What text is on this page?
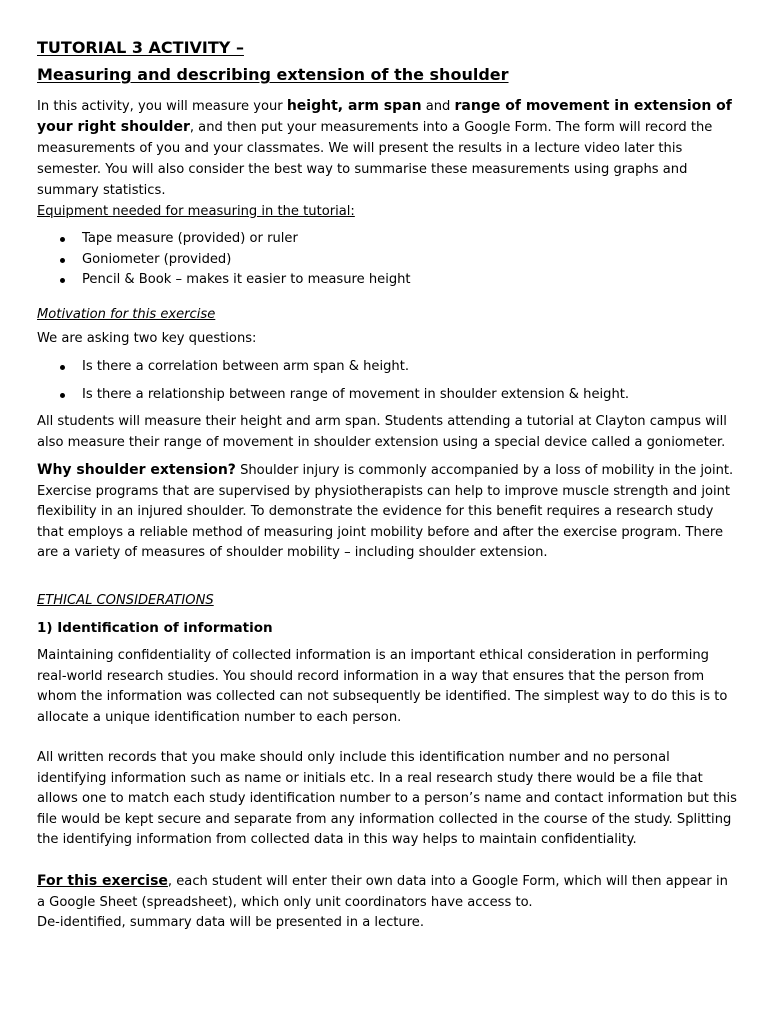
TUTORIAL 3 ACTIVITY –
Measuring and describing extension of the shoulder
In this activity, you will measure your height, arm span and range of movement in extension of your right shoulder, and then put your measurements into a Google Form. The form will record the measurements of you and your classmates. We will present the results in a lecture video later this semester. You will also consider the best way to summarise these measurements using graphs and summary statistics.
Equipment needed for measuring in the tutorial:
Tape measure (provided) or ruler
Goniometer (provided)
Pencil & Book – makes it easier to measure height
Motivation for this exercise
We are asking two key questions:
Is there a correlation between arm span & height.
Is there a relationship between range of movement in shoulder extension & height.
All students will measure their height and arm span. Students attending a tutorial at Clayton campus will also measure their range of movement in shoulder extension using a special device called a goniometer.
Why shoulder extension? Shoulder injury is commonly accompanied by a loss of mobility in the joint. Exercise programs that are supervised by physiotherapists can help to improve muscle strength and joint flexibility in an injured shoulder. To demonstrate the evidence for this benefit requires a research study that employs a reliable method of measuring joint mobility before and after the exercise program. There are a variety of measures of shoulder mobility – including shoulder extension.
ETHICAL CONSIDERATIONS
1) Identification of information
Maintaining confidentiality of collected information is an important ethical consideration in performing real-world research studies. You should record information in a way that ensures that the person from whom the information was collected can not subsequently be identified. The simplest way to do this is to allocate a unique identification number to each person.
All written records that you make should only include this identification number and no personal identifying information such as name or initials etc. In a real research study there would be a file that allows one to match each study identification number to a person’s name and contact information but this file would be kept secure and separate from any information collected in the course of the study. Splitting the identifying information from collected data in this way helps to maintain confidentiality.
For this exercise, each student will enter their own data into a Google Form, which will then appear in a Google Sheet (spreadsheet), which only unit coordinators have access to.
De-identified, summary data will be presented in a lecture.
